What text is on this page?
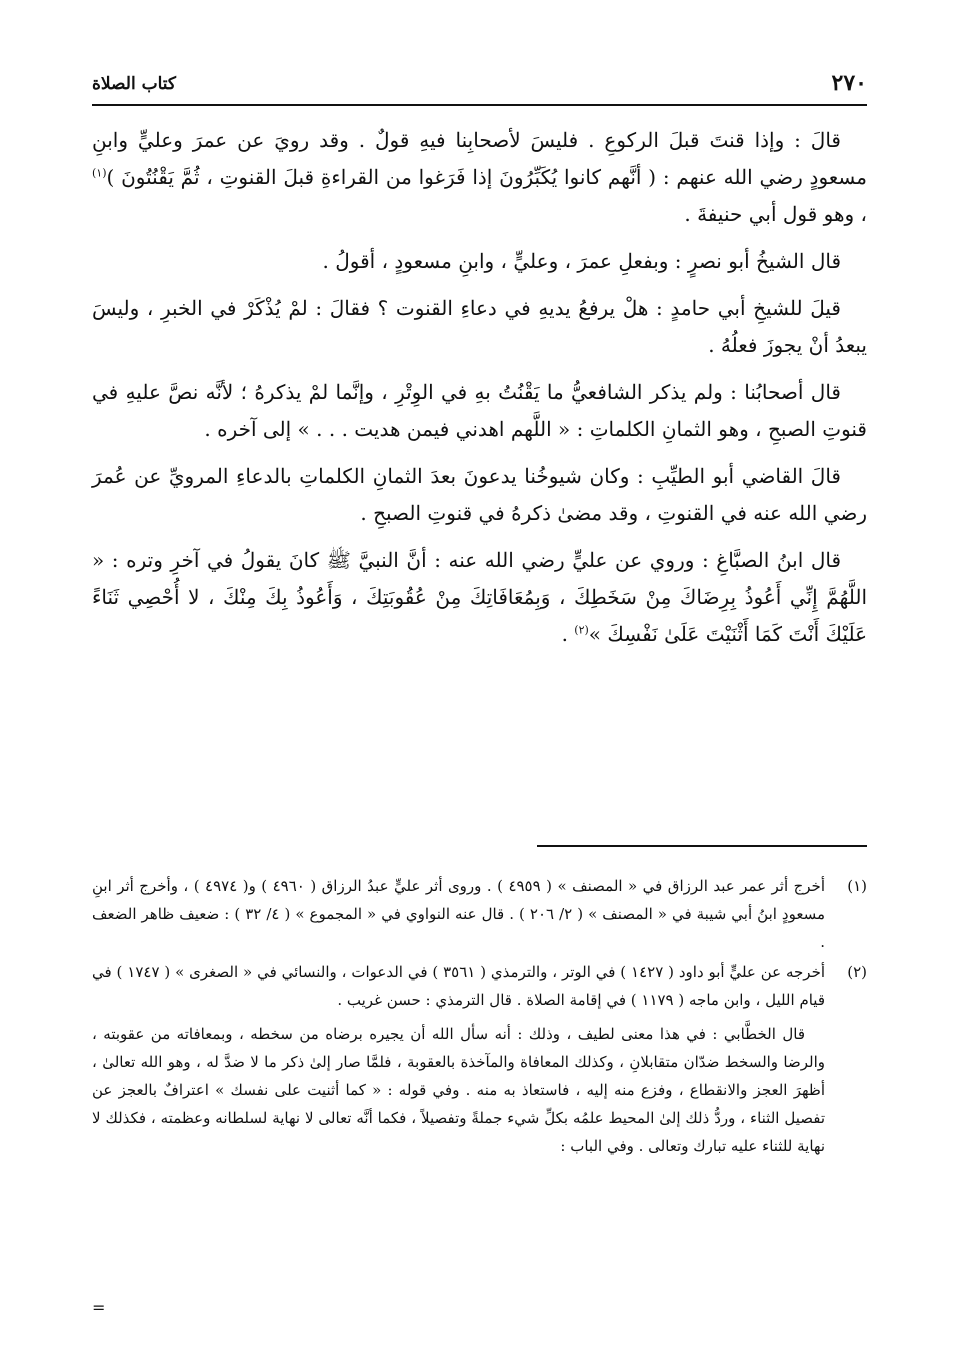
٢٧٠
كتاب الصلاة

قالَ : وإذا قنتَ قبلَ الركوعِ . فليسَ لأصحابِنا فيهِ قولٌ . وقد رويَ عن عمرَ وعليٍّ وابنِ مسعودٍ رضي الله عنهم : ( أنَّهم كانوا يُكَبِّرُونَ إذا فَرَغوا من القراءةِ قبلَ القنوتِ ، ثُمَّ يَقْنُتُونَ )$^{(١)}$ ، وهو قول أبي حنيفةَ .

قال الشيخُ أبو نصرٍ : وبفعلِ عمرَ ، وعليٍّ ، وابنِ مسعودٍ ، أقولُ .

قيلَ للشيخِ أبي حامدٍ : هلْ يرفعُ يديهِ في دعاءِ القنوت ؟ فقالَ : لمْ يُذْكَرْ في الخبرِ ، وليسَ يبعدُ أنْ يجوزَ فعلُهُ .

قال أصحابُنا : ولم يذكر الشافعيُّ ما يَقْنُتُ بهِ في الوِتْرِ ، وإنَّما لمْ يذكرهُ ؛ لأنَّه نصَّ عليهِ في قنوتِ الصبحِ ، وهو الثمانِ الكلماتِ : « اللَّهم اهدني فيمن هديت . . . » إلى آخره .

قالَ القاضي أبو الطيِّبِ : وكان شيوخُنا يدعونَ بعدَ الثمانِ الكلماتِ بالدعاءِ المرويِّ عن عُمرَ رضي الله عنه في القنوتِ ، وقد مضىٰ ذكرهُ في قنوتِ الصبحِ .

قال ابنُ الصبَّاغِ : وروي عن عليٍّ رضي الله عنه : أنَّ النبيَّ ﷺ كانَ يقولُ في آخرِ وتره : « اللَّهُمَّ إِنِّي أَعُوذُ بِرِضَاكَ مِنْ سَخَطِكَ ، وَبِمُعَافَاتِكَ مِنْ عُقُوبَتِكَ ، وَأَعُوذُ بِكَ مِنْكَ ، لا أُحْصِي ثَنَاءً عَلَيْكَ أَنْتَ كَمَا أَثْنَيْتَ عَلَىٰ نَفْسِكَ »$^{(٢)}$ .

(١)
أخرج أثر عمر عبد الرزاق في « المصنف » ( ٤٩٥٩ ) . وروى أثر عليٍّ عبدُ الرزاق ( ٤٩٦٠ ) و( ٤٩٧٤ ) ، وأخرج أثر ابنِ مسعودٍ ابنُ أبي شيبة في « المصنف » ( ٢/ ٢٠٦ ) . قال عنه النواوي في « المجموع » ( ٤/ ٣٢ ) : ضعيف ظاهر الضعف .
(٢)
أخرجه عن عليٍّ أبو داود ( ١٤٢٧ ) في الوتر ، والترمذي ( ٣٥٦١ ) في الدعوات ، والنسائي في « الصغرى » ( ١٧٤٧ ) في قيام الليل ، وابن ماجه ( ١١٧٩ ) في إقامة الصلاة . قال الترمذي : حسن غريب .

قال الخطَّابي : في هذا معنى لطيف ، وذلك : أنه سأل الله أن يجيره برضاه من سخطه ، وبمعافاته من عقوبته ، والرضا والسخط ضدّان متقابلانِ ، وكذلك المعافاة والمآخذة بالعقوبة ، فلمَّا صار إلىٰ ذكر ما لا ضدَّ له ، وهو الله تعالىٰ ، أظهرَ العجز والانقطاع ، وفزع منه إليه ، فاستعاذ به منه . وفي قوله : « كما أثنيت على نفسك » اعترافٌ بالعجز عن تفصيل الثناء ، وردُّ ذلك إلىٰ المحيط علمُه بكلِّ شيء جملةً وتفصيلاً ، فكما أنَّه تعالى لا نهاية لسلطانه وعظمته ، فكذلك لا نهاية للثناء عليه تبارك وتعالى . وفي الباب :

=
